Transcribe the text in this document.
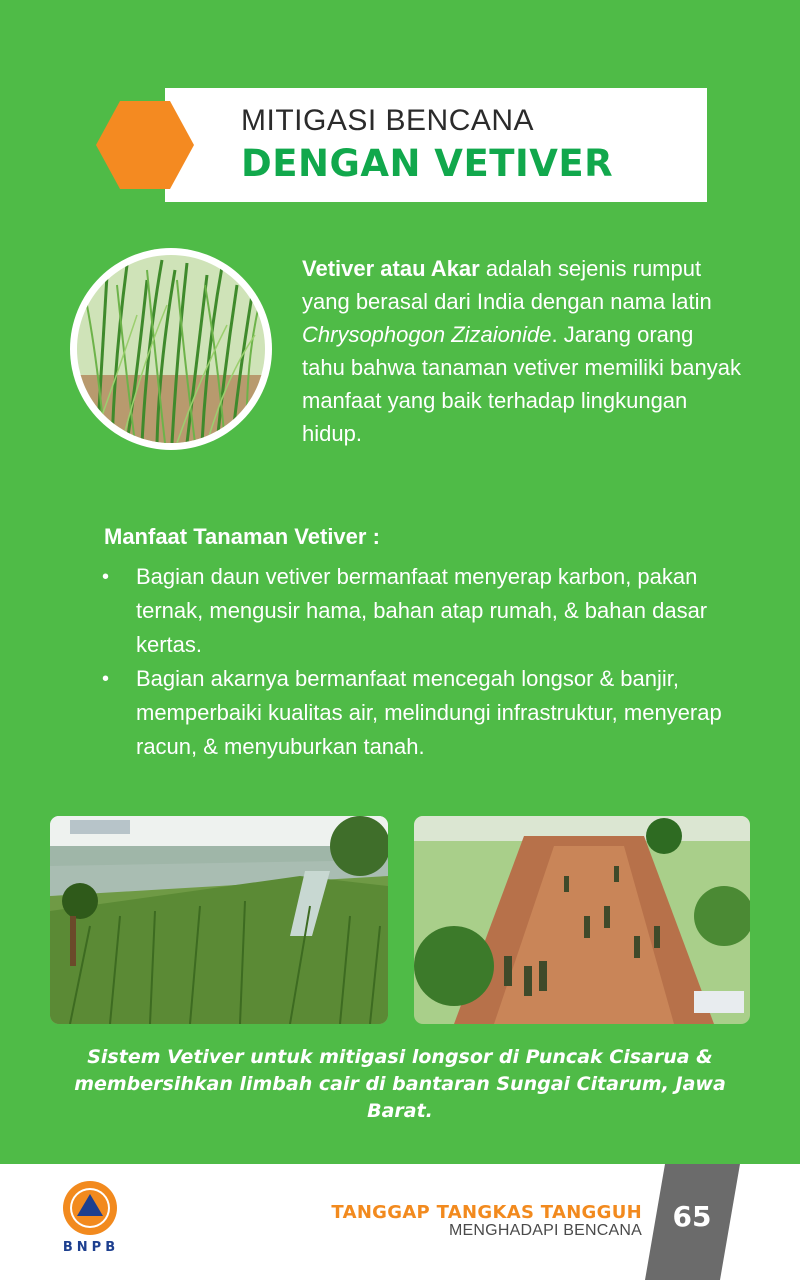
MITIGASI BENCANA
DENGAN VETIVER
Vetiver atau Akar adalah sejenis rumput yang berasal dari India dengan nama latin Chrysophogon Zizaionide. Jarang orang tahu bahwa tanaman vetiver memiliki banyak manfaat yang baik terhadap lingkungan hidup.
Manfaat Tanaman Vetiver :
• Bagian daun vetiver bermanfaat menyerap karbon, pakan ternak, mengusir hama, bahan atap rumah, & bahan dasar kertas.
• Bagian akarnya bermanfaat mencegah longsor & banjir, memperbaiki kualitas air, melindungi infrastruktur, menyerap racun, & menyuburkan tanah.
Sistem Vetiver untuk mitigasi longsor di Puncak Cisarua & membersihkan limbah cair di bantaran Sungai Citarum, Jawa Barat.
BNPB
TANGGAP TANGKAS TANGGUH
MENGHADAPI BENCANA	65
